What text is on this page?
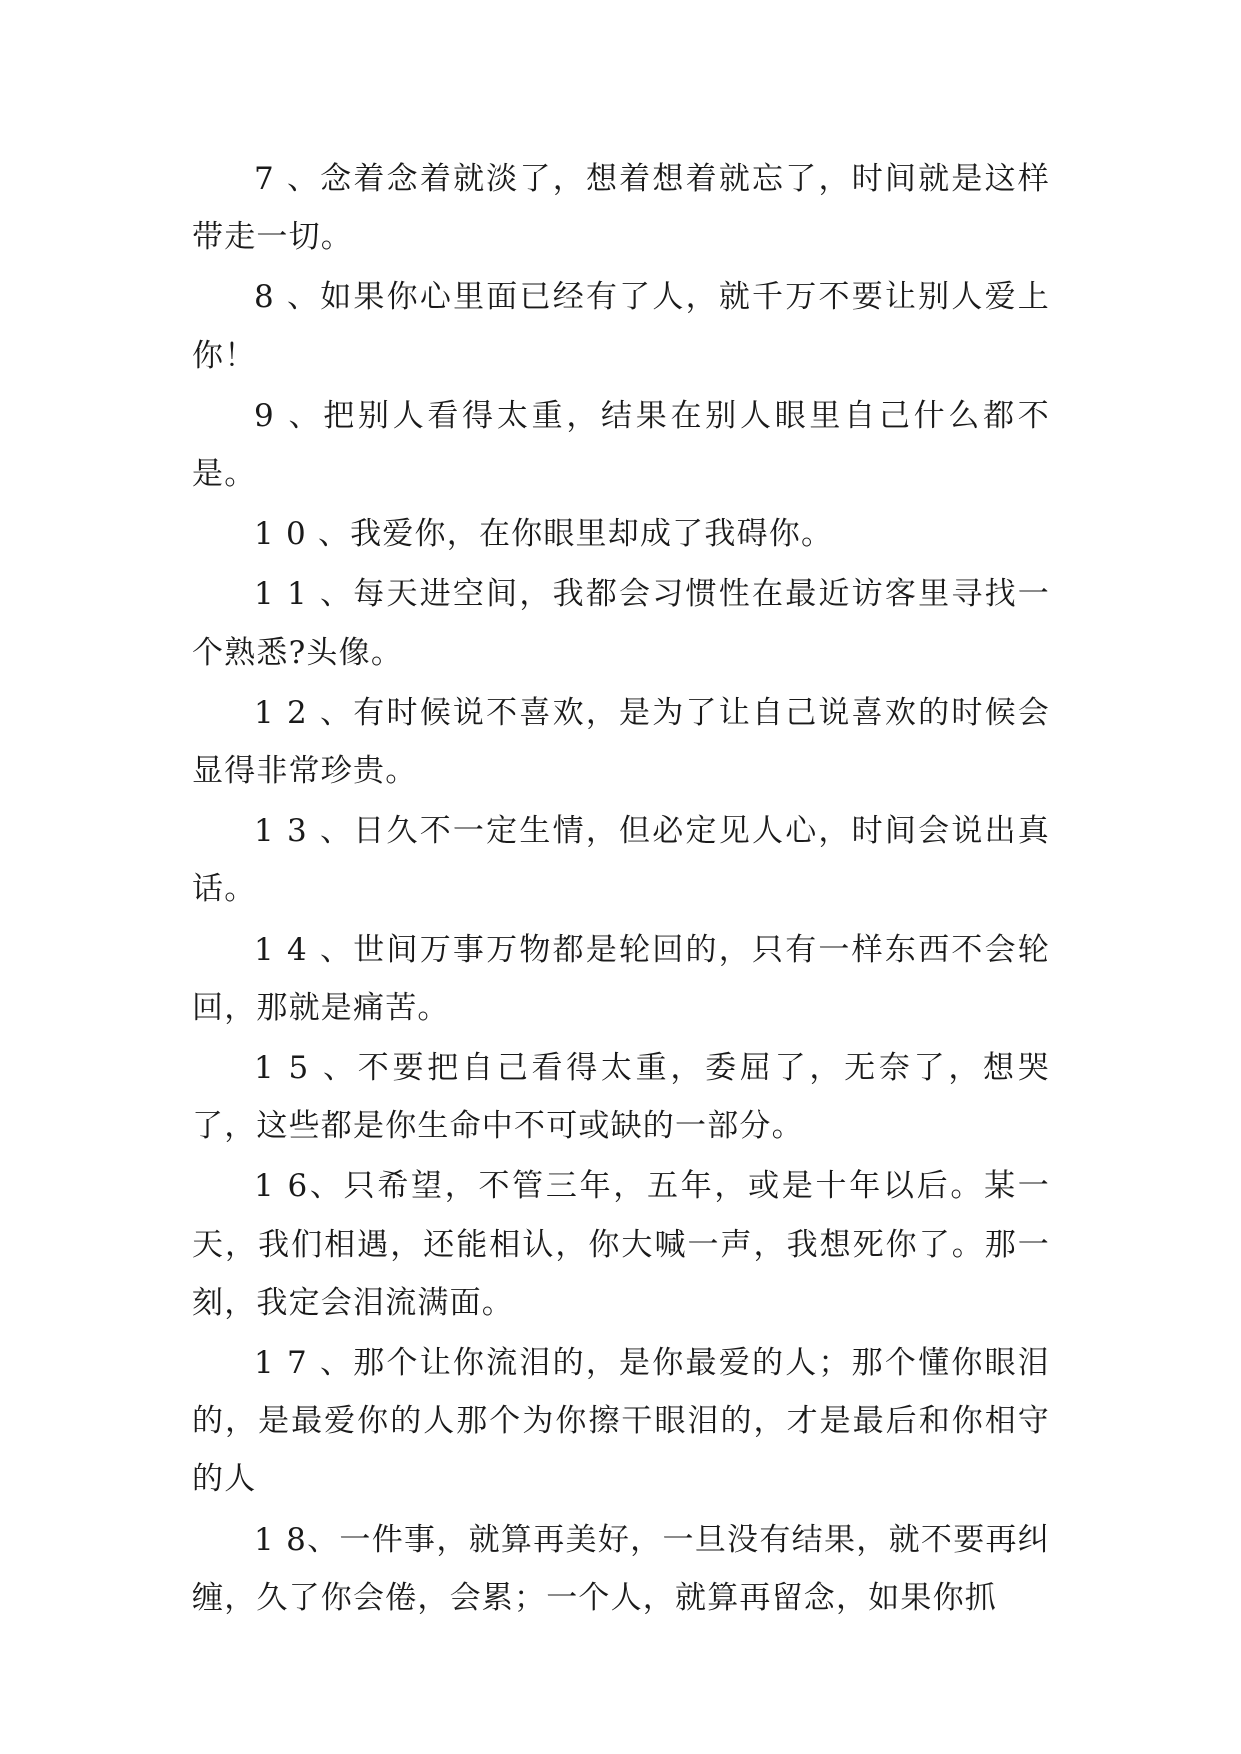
7 、念着念着就淡了，想着想着就忘了，时间就是这样带走一切。

8 、如果你心里面已经有了人，就千万不要让别人爱上你！

9 、把别人看得太重，结果在别人眼里自己什么都不是。

1 0 、我爱你，在你眼里却成了我碍你。

1 1 、每天进空间，我都会习惯性在最近访客里寻找一个熟悉?头像。

1 2 、有时候说不喜欢，是为了让自己说喜欢的时候会显得非常珍贵。

1 3 、日久不一定生情，但必定见人心，时间会说出真话。

1 4 、世间万事万物都是轮回的，只有一样东西不会轮回，那就是痛苦。

1 5 、不要把自己看得太重，委屈了，无奈了，想哭了，这些都是你生命中不可或缺的一部分。

1 6、只希望，不管三年，五年，或是十年以后。某一天，我们相遇，还能相认，你大喊一声，我想死你了。那一刻，我定会泪流满面。

1 7 、那个让你流泪的，是你最爱的人；那个懂你眼泪的，是最爱你的人那个为你擦干眼泪的，才是最后和你相守的人

1 8、一件事，就算再美好，一旦没有结果，就不要再纠缠，久了你会倦，会累；一个人，就算再留念，如果你抓
